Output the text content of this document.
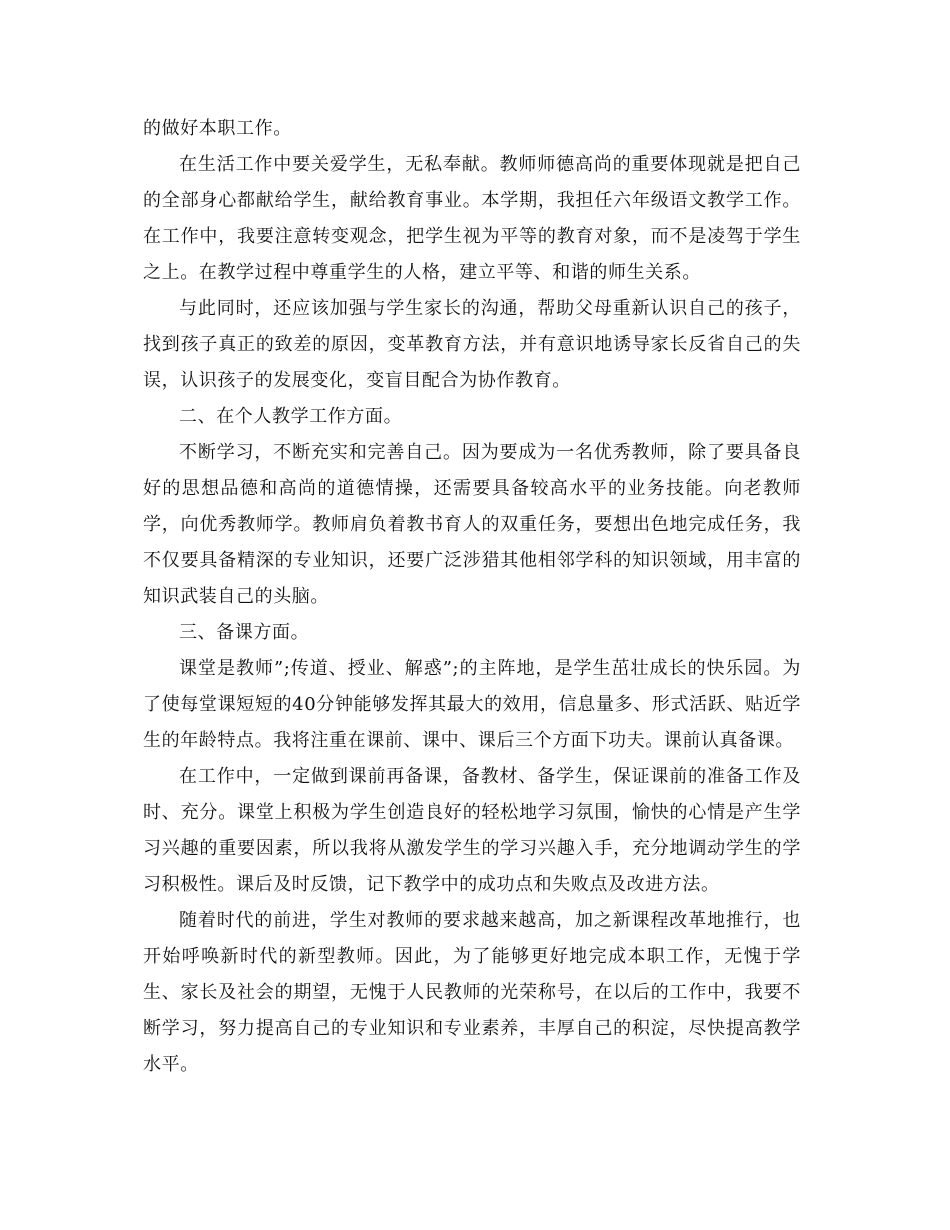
的做好本职工作。

在生活工作中要关爱学生，无私奉献。教师师德高尚的重要体现就是把自己的全部身心都献给学生，献给教育事业。本学期，我担任六年级语文教学工作。在工作中，我要注意转变观念，把学生视为平等的教育对象，而不是凌驾于学生之上。在教学过程中尊重学生的人格，建立平等、和谐的师生关系。

与此同时，还应该加强与学生家长的沟通，帮助父母重新认识自己的孩子，找到孩子真正的致差的原因，变革教育方法，并有意识地诱导家长反省自己的失误，认识孩子的发展变化，变盲目配合为协作教育。

二、在个人教学工作方面。

不断学习，不断充实和完善自己。因为要成为一名优秀教师，除了要具备良好的思想品德和高尚的道德情操，还需要具备较高水平的业务技能。向老教师学，向优秀教师学。教师肩负着教书育人的双重任务，要想出色地完成任务，我不仅要具备精深的专业知识，还要广泛涉猎其他相邻学科的知识领域，用丰富的知识武装自己的头脑。

三、备课方面。

课堂是教师”;传道、授业、解惑”;的主阵地，是学生茁壮成长的快乐园。为了使每堂课短短的40分钟能够发挥其最大的效用，信息量多、形式活跃、贴近学生的年龄特点。我将注重在课前、课中、课后三个方面下功夫。课前认真备课。

在工作中，一定做到课前再备课，备教材、备学生，保证课前的准备工作及时、充分。课堂上积极为学生创造良好的轻松地学习氛围，愉快的心情是产生学习兴趣的重要因素，所以我将从激发学生的学习兴趣入手，充分地调动学生的学习积极性。课后及时反馈，记下教学中的成功点和失败点及改进方法。

随着时代的前进，学生对教师的要求越来越高，加之新课程改革地推行，也开始呼唤新时代的新型教师。因此，为了能够更好地完成本职工作，无愧于学生、家长及社会的期望，无愧于人民教师的光荣称号，在以后的工作中，我要不断学习，努力提高自己的专业知识和专业素养，丰厚自己的积淀，尽快提高教学水平。
